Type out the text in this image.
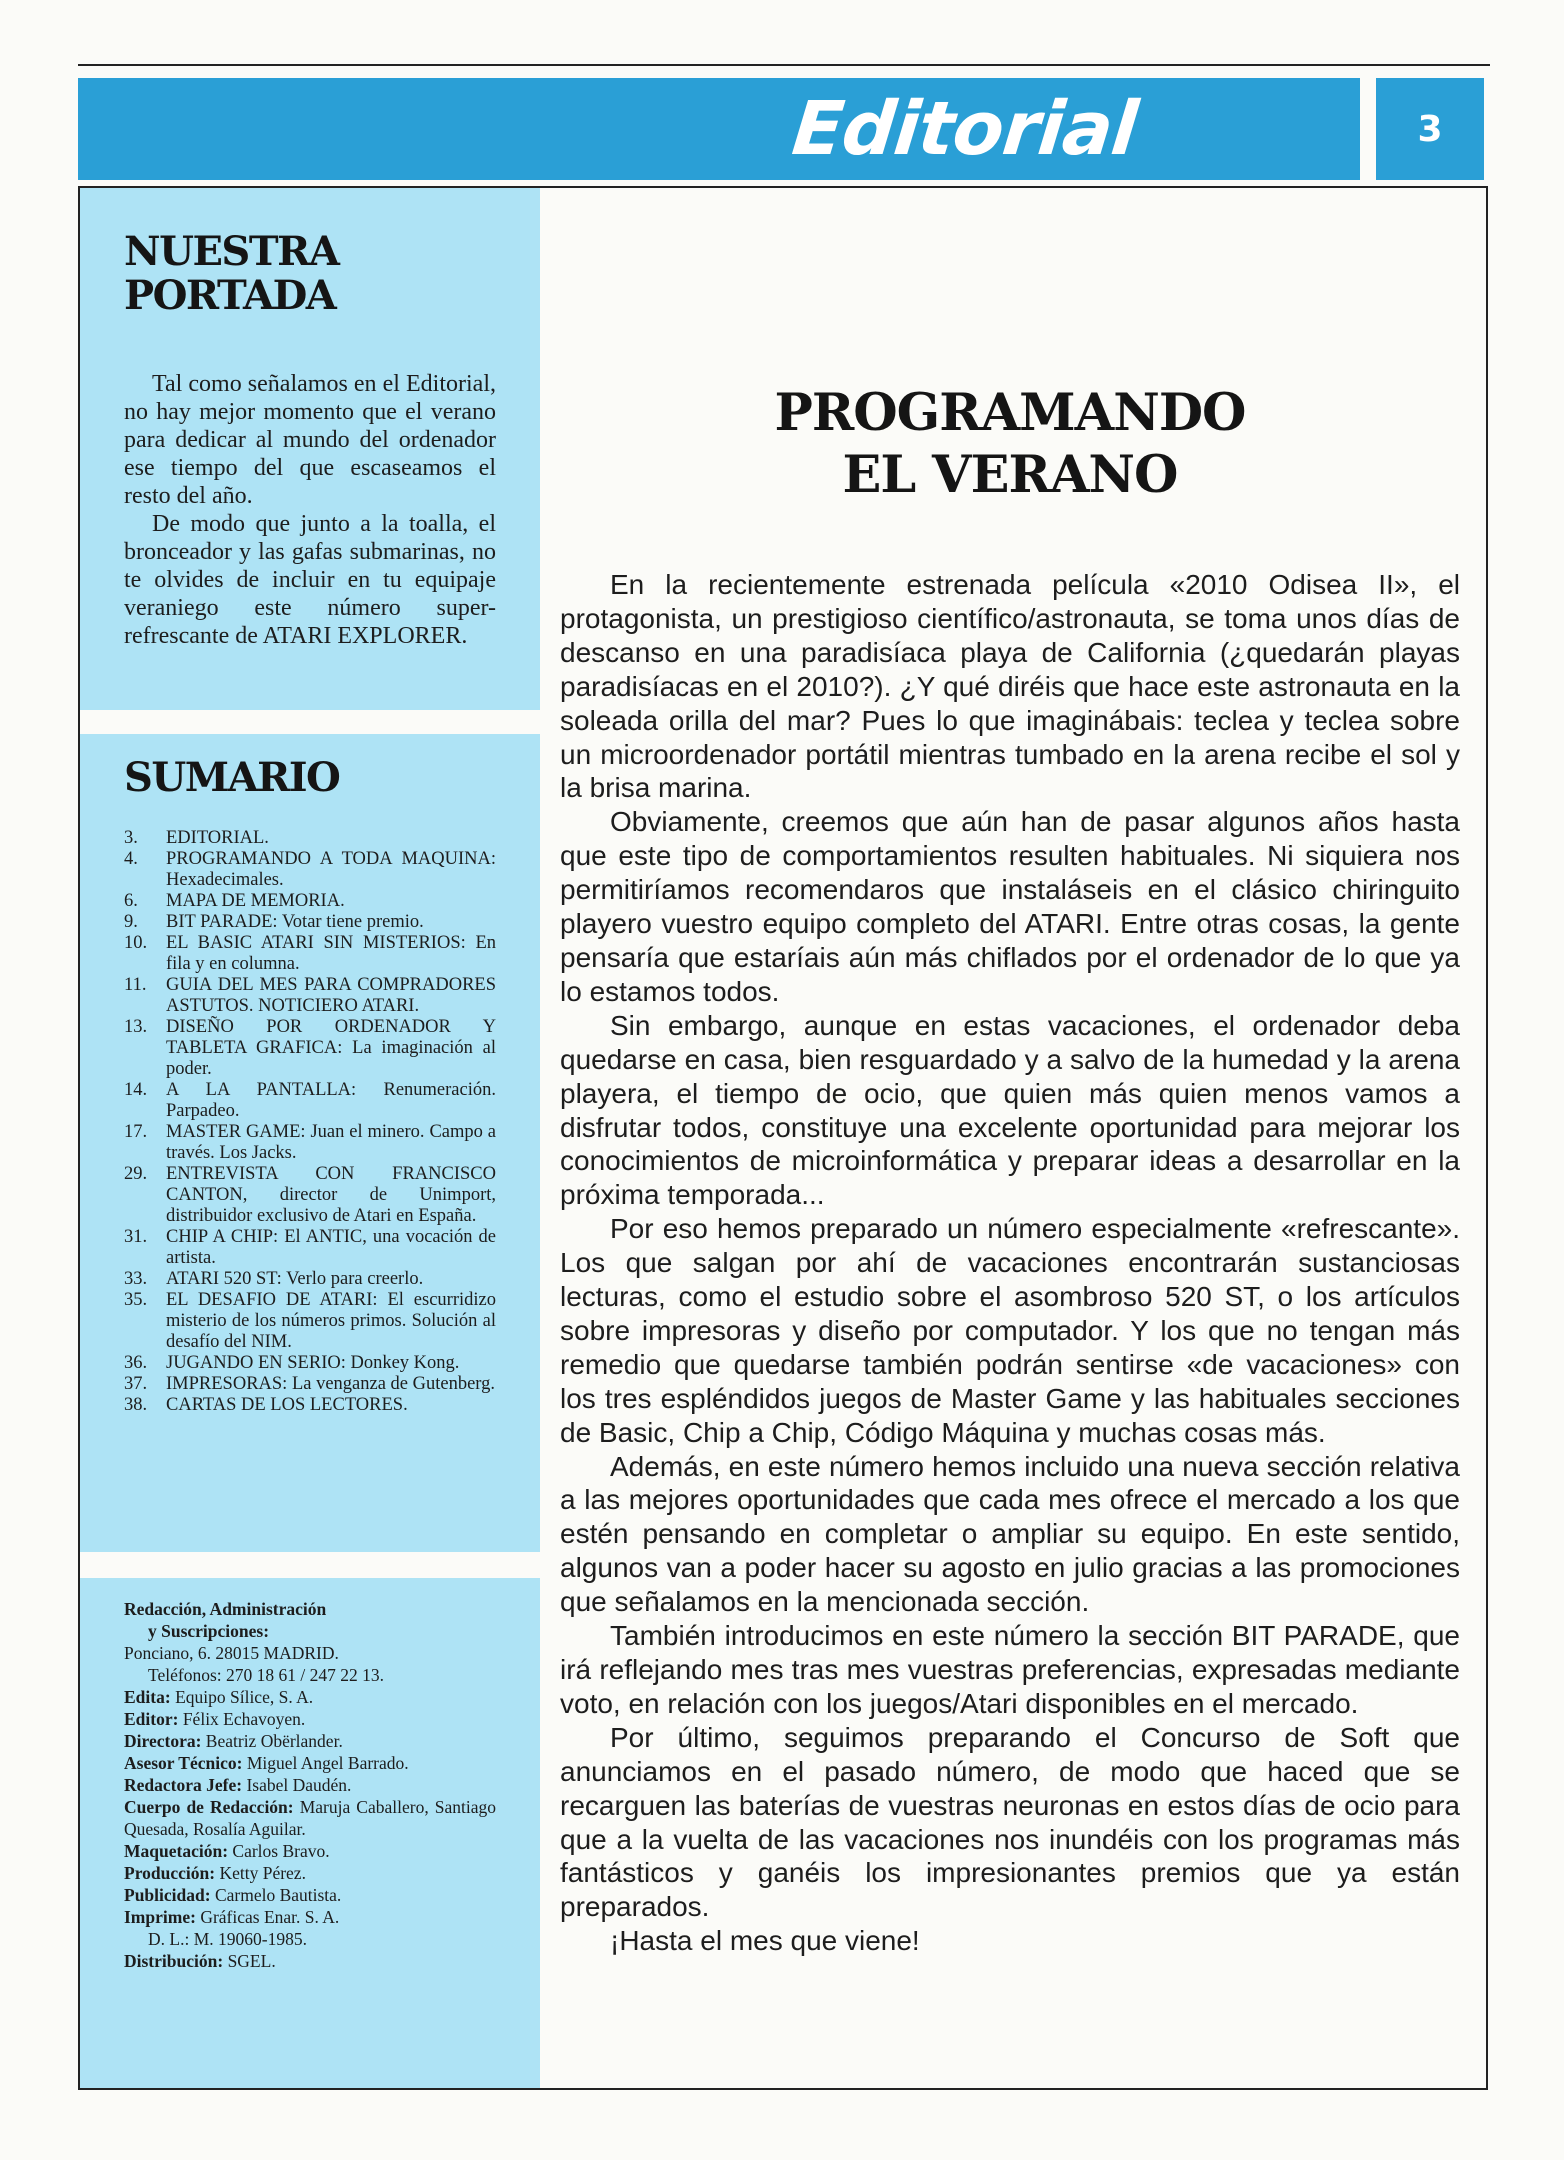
Editorial	3
NUESTRA
PORTADA

Tal como señalamos en el Editorial, no hay mejor momento que el verano para dedicar al mundo del ordenador ese tiempo del que escaseamos el resto del año.

De modo que junto a la toalla, el bronceador y las gafas submarinas, no te olvides de incluir en tu equipaje veraniego este número super-refrescante de ATARI EXPLORER.

SUMARIO
3.	EDITORIAL.
4.	PROGRAMANDO A TODA MAQUINA: Hexadecimales.
6.	MAPA DE MEMORIA.
9.	BIT PARADE: Votar tiene premio.
10.	EL BASIC ATARI SIN MISTERIOS: En fila y en columna.
11.	GUIA DEL MES PARA COMPRADORES ASTUTOS. NOTICIERO ATARI.
13.	DISEÑO POR ORDENADOR Y TABLETA GRAFICA: La imaginación al poder.
14.	A LA PANTALLA: Renumeración. Parpadeo.
17.	MASTER GAME: Juan el minero. Campo a través. Los Jacks.
29.	ENTREVISTA CON FRANCISCO CANTON, director de Unimport, distribuidor exclusivo de Atari en España.
31.	CHIP A CHIP: El ANTIC, una vocación de artista.
33.	ATARI 520 ST: Verlo para creerlo.
35.	EL DESAFIO DE ATARI: El escurridizo misterio de los números primos. Solución al desafío del NIM.
36.	JUGANDO EN SERIO: Donkey Kong.
37.	IMPRESORAS: La venganza de Gutenberg.
38.	CARTAS DE LOS LECTORES.
Redacción, Administración
y Suscripciones:
Ponciano, 6. 28015 MADRID.
Teléfonos: 270 18 61 / 247 22 13.
Edita: Equipo Sílice, S. A.
Editor: Félix Echavoyen.
Directora: Beatriz Obërlander.
Asesor Técnico: Miguel Angel Barrado.
Redactora Jefe: Isabel Daudén.
Cuerpo de Redacción: Maruja Caballero, Santiago Quesada, Rosalía Aguilar.
Maquetación: Carlos Bravo.
Producción: Ketty Pérez.
Publicidad: Carmelo Bautista.
Imprime: Gráficas Enar. S. A.
D. L.: M. 19060-1985.
Distribución: SGEL.
PROGRAMANDO
EL VERANO

En la recientemente estrenada película «2010 Odisea II», el protagonista, un prestigioso científico/astronauta, se toma unos días de descanso en una paradisíaca playa de California (¿quedarán playas paradisíacas en el 2010?). ¿Y qué diréis que hace este astronauta en la soleada orilla del mar? Pues lo que imaginábais: teclea y teclea sobre un microordenador portátil mientras tumbado en la arena recibe el sol y la brisa marina.

Obviamente, creemos que aún han de pasar algunos años hasta que este tipo de comportamientos resulten habituales. Ni siquiera nos permitiríamos recomendaros que instaláseis en el clásico chiringuito playero vuestro equipo completo del ATARI. Entre otras cosas, la gente pensaría que estaríais aún más chiflados por el ordenador de lo que ya lo estamos todos.

Sin embargo, aunque en estas vacaciones, el ordenador deba quedarse en casa, bien resguardado y a salvo de la humedad y la arena playera, el tiempo de ocio, que quien más quien menos vamos a disfrutar todos, constituye una excelente oportunidad para mejorar los conocimientos de microinformática y preparar ideas a desarrollar en la próxima temporada...

Por eso hemos preparado un número especialmente «refrescante». Los que salgan por ahí de vacaciones encontrarán sustanciosas lecturas, como el estudio sobre el asombroso 520 ST, o los artículos sobre impresoras y diseño por computador. Y los que no tengan más remedio que quedarse también podrán sentirse «de vacaciones» con los tres espléndidos juegos de Master Game y las habituales secciones de Basic, Chip a Chip, Código Máquina y muchas cosas más.

Además, en este número hemos incluido una nueva sección relativa a las mejores oportunidades que cada mes ofrece el mercado a los que estén pensando en completar o ampliar su equipo. En este sentido, algunos van a poder hacer su agosto en julio gracias a las promociones que señalamos en la mencionada sección.

También introducimos en este número la sección BIT PARADE, que irá reflejando mes tras mes vuestras preferencias, expresadas mediante voto, en relación con los juegos/Atari disponibles en el mercado.

Por último, seguimos preparando el Concurso de Soft que anunciamos en el pasado número, de modo que haced que se recarguen las baterías de vuestras neuronas en estos días de ocio para que a la vuelta de las vacaciones nos inundéis con los programas más fantásticos y ganéis los impresionantes premios que ya están preparados.

¡Hasta el mes que viene!
